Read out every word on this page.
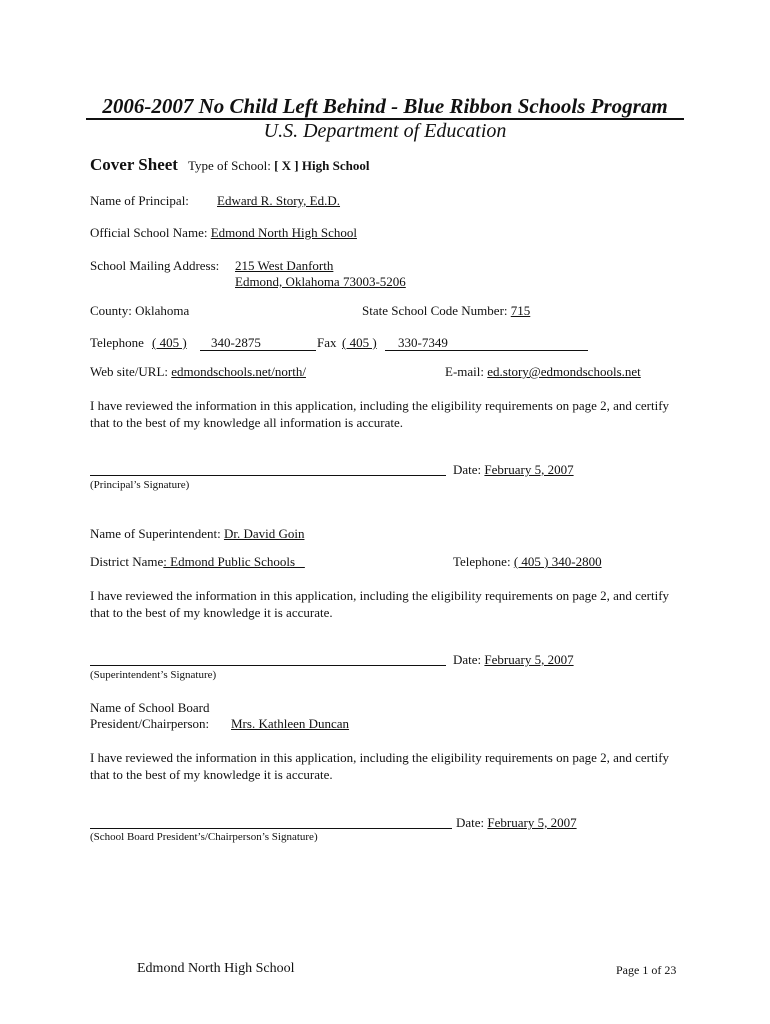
2006-2007 No Child Left Behind - Blue Ribbon Schools Program
U.S. Department of Education
Cover Sheet Type of School: [ X ] High School
Name of Principal: Edward R. Story, Ed.D.
Official School Name: Edmond North High School
School Mailing Address: 215 West Danforth
Edmond, Oklahoma 73003-5206
County: Oklahoma	State School Code Number: 715
Telephone ( 405 ) 340-2875	Fax ( 405 ) 330-7349
Web site/URL: edmondschools.net/north/	E-mail: ed.story@edmondschools.net
I have reviewed the information in this application, including the eligibility requirements on page 2, and certify that to the best of my knowledge all information is accurate.
Date: February 5, 2007
(Principal’s Signature)
Name of Superintendent: Dr. David Goin
District Name: Edmond Public Schools	Telephone: ( 405 ) 340-2800
I have reviewed the information in this application, including the eligibility requirements on page 2, and certify that to the best of my knowledge it is accurate.
Date: February 5, 2007
(Superintendent’s Signature)
Name of School Board
President/Chairperson: Mrs. Kathleen Duncan
I have reviewed the information in this application, including the eligibility requirements on page 2, and certify that to the best of my knowledge it is accurate.
Date: February 5, 2007
(School Board President’s/Chairperson’s Signature)
Edmond North High School	Page 1 of 23
